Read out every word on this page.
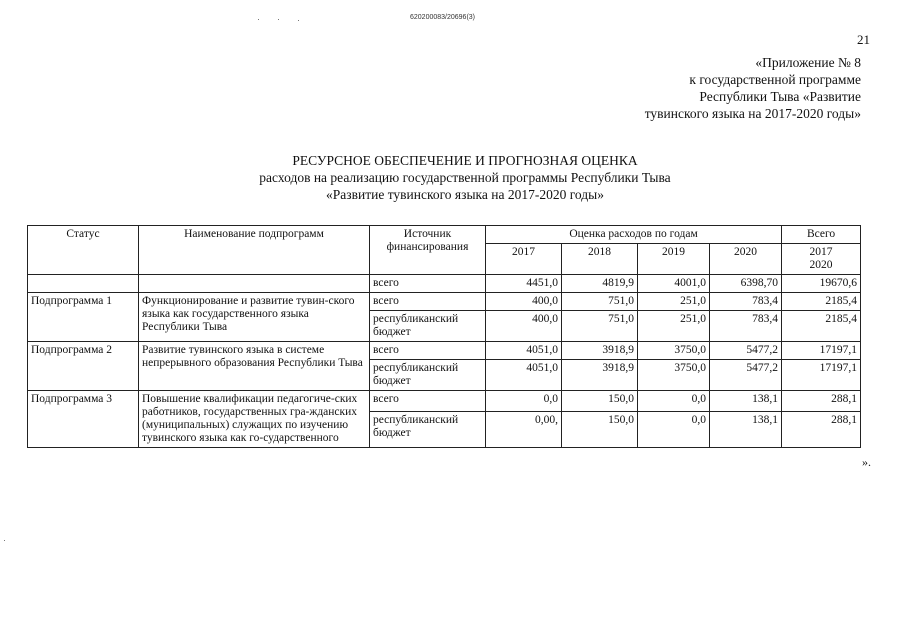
620200083/20696(3)
21
«Приложение № 8
к государственной программе
Республики Тыва «Развитие
тувинского языка на 2017-2020 годы»
РЕСУРСНОЕ ОБЕСПЕЧЕНИЕ И ПРОГНОЗНАЯ ОЦЕНКА
расходов на реализацию государственной программы Республики Тыва
«Развитие тувинского языка на 2017-2020 годы»
Статус	Наименование подпрограмм	Источник финансирования	Оценка расходов по годам				Всего
			2017	2018	2019	2020	2017
2020

		всего	4451,0	4819,9	4001,0	6398,70	19670,6
Подпрограмма 1	Функционирование и развитие тувин-ского языка как государственного языка Республики Тыва	всего	400,0	751,0	251,0	783,4	2185,4
		республиканский бюджет	400,0	751,0	251,0	783,4	2185,4
Подпрограмма 2	Развитие тувинского языка в системе непрерывного образования Республики Тыва	всего	4051,0	3918,9	3750,0	5477,2	17197,1
		республиканский бюджет	4051,0	3918,9	3750,0	5477,2	17197,1
Подпрограмма 3	Повышение квалификации педагогиче-ских работников, государственных гра-жданских (муниципальных) служащих по изучению тувинского языка как го-сударственного	всего	0,0	150,0	0,0	138,1	288,1
		республиканский бюджет	0,00,	150,0	0,0	138,1	288,1
».
